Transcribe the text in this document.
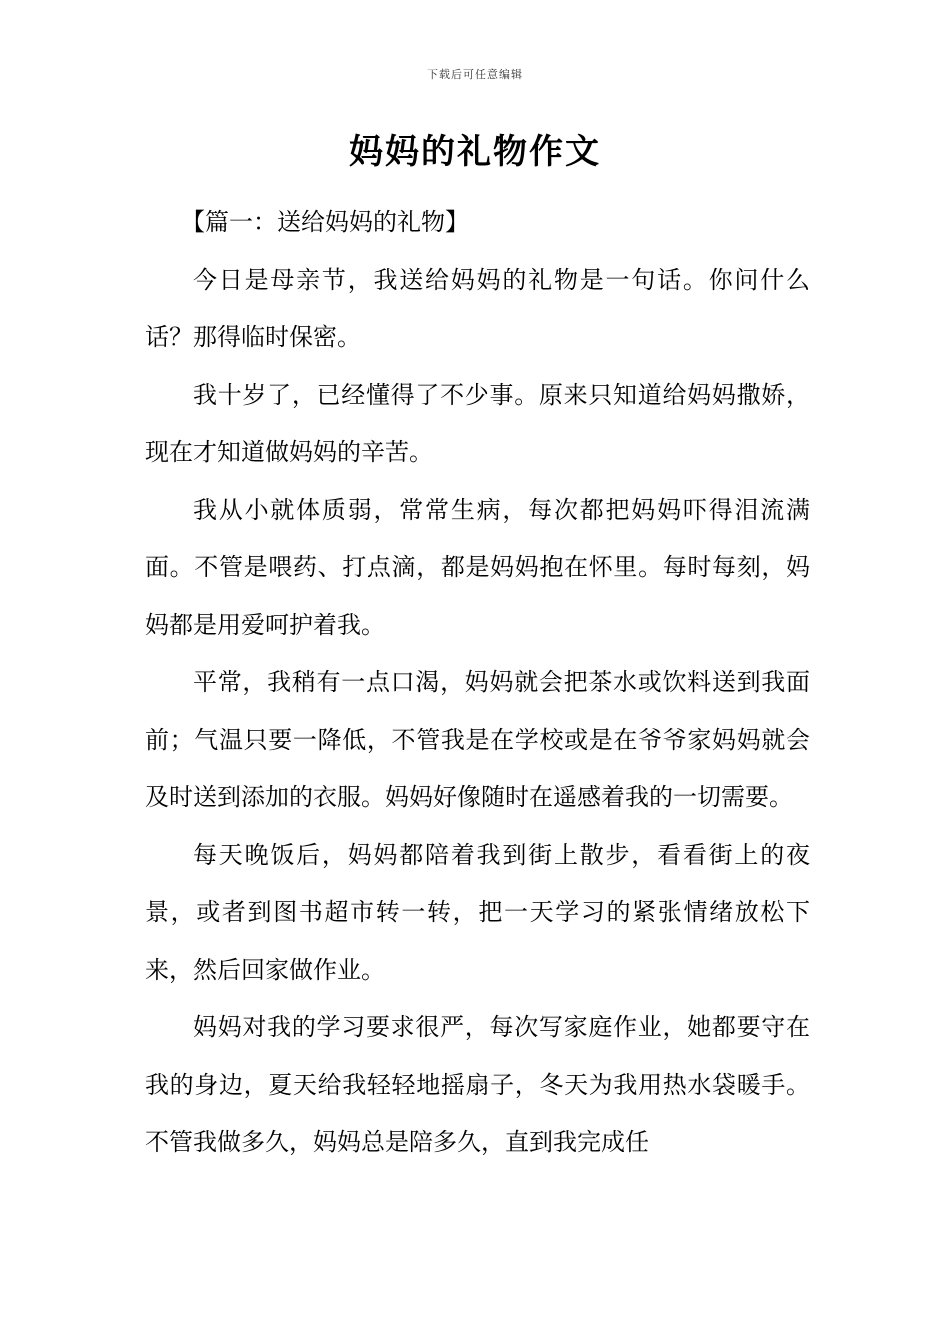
下载后可任意编辑
妈妈的礼物作文

【篇一：送给妈妈的礼物】

今日是母亲节，我送给妈妈的礼物是一句话。你问什么话？那得临时保密。

我十岁了，已经懂得了不少事。原来只知道给妈妈撒娇，现在才知道做妈妈的辛苦。

我从小就体质弱，常常生病，每次都把妈妈吓得泪流满面。不管是喂药、打点滴，都是妈妈抱在怀里。每时每刻，妈妈都是用爱呵护着我。

平常，我稍有一点口渴，妈妈就会把茶水或饮料送到我面前；气温只要一降低，不管我是在学校或是在爷爷家妈妈就会及时送到添加的衣服。妈妈好像随时在遥感着我的一切需要。

每天晚饭后，妈妈都陪着我到街上散步，看看街上的夜景，或者到图书超市转一转，把一天学习的紧张情绪放松下来，然后回家做作业。

妈妈对我的学习要求很严，每次写家庭作业，她都要守在我的身边，夏天给我轻轻地摇扇子，冬天为我用热水袋暖手。不管我做多久，妈妈总是陪多久，直到我完成任
